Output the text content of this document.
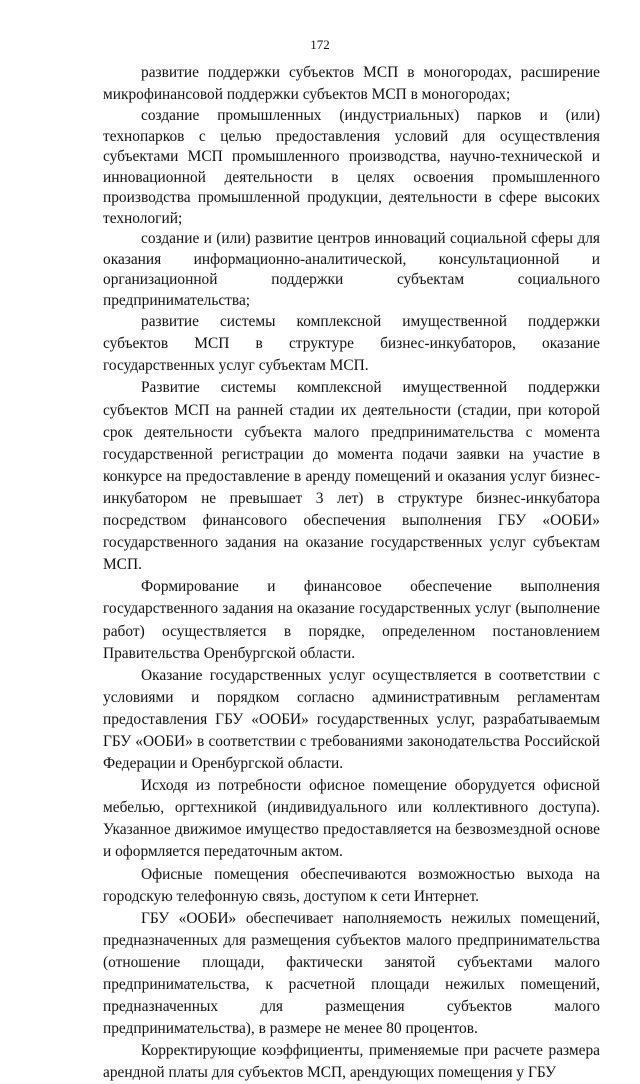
172

развитие поддержки субъектов МСП в моногородах, расширение микрофинансовой поддержки субъектов МСП в моногородах;

создание промышленных (индустриальных) парков и (или) технопарков с целью предоставления условий для осуществления субъектами МСП промышленного производства, научно-технической и инновационной деятельности в целях освоения промышленного производства промышленной продукции, деятельности в сфере высоких технологий;

создание и (или) развитие центров инноваций социальной сферы для оказания информационно-аналитической, консультационной и организационной поддержки субъектам социального предпринимательства;

развитие системы комплексной имущественной поддержки субъектов МСП в структуре бизнес-инкубаторов, оказание государственных услуг субъектам МСП.

Развитие системы комплексной имущественной поддержки субъектов МСП на ранней стадии их деятельности (стадии, при которой срок деятельности субъекта малого предпринимательства с момента государственной регистрации до момента подачи заявки на участие в конкурсе на предоставление в аренду помещений и оказания услуг бизнес-инкубатором не превышает 3 лет) в структуре бизнес-инкубатора посредством финансового обеспечения выполнения ГБУ «ООБИ» государственного задания на оказание государственных услуг субъектам МСП.

Формирование и финансовое обеспечение выполнения государственного задания на оказание государственных услуг (выполнение работ) осуществляется в порядке, определенном постановлением Правительства Оренбургской области.

Оказание государственных услуг осуществляется в соответствии с условиями и порядком согласно административным регламентам предоставления ГБУ «ООБИ» государственных услуг, разрабатываемым ГБУ «ООБИ» в соответствии с требованиями законодательства Российской Федерации и Оренбургской области.

Исходя из потребности офисное помещение оборудуется офисной мебелью, оргтехникой (индивидуального или коллективного доступа). Указанное движимое имущество предоставляется на безвозмездной основе и оформляется передаточным актом.

Офисные помещения обеспечиваются возможностью выхода на городскую телефонную связь, доступом к сети Интернет.

ГБУ «ООБИ» обеспечивает наполняемость нежилых помещений, предназначенных для размещения субъектов малого предпринимательства (отношение площади, фактически занятой субъектами малого предпринимательства, к расчетной площади нежилых помещений, предназначенных для размещения субъектов малого предпринимательства), в размере не менее 80 процентов.

Корректирующие коэффициенты, применяемые при расчете размера арендной платы для субъектов МСП, арендующих помещения у ГБУ
